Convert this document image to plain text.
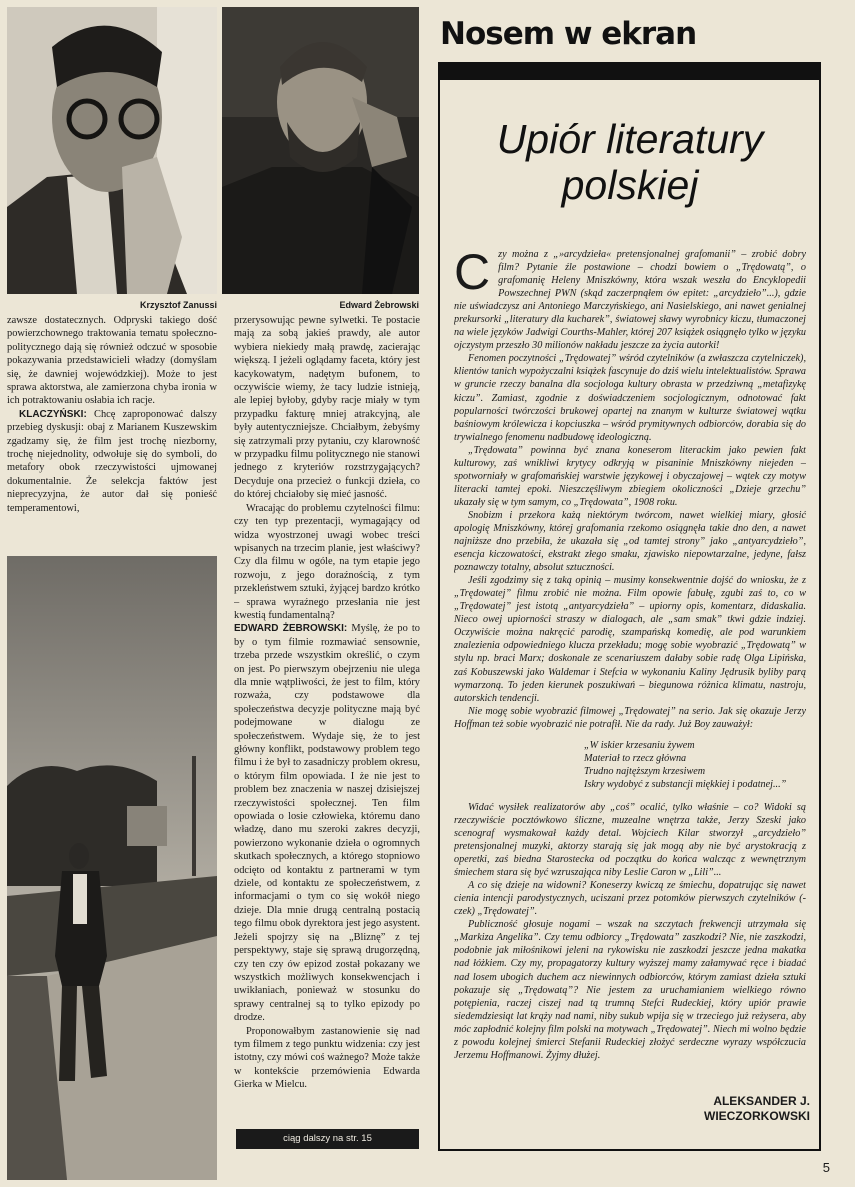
Krzysztof Zanussi	Edward Żebrowski

zawsze dostatecznych. Odpryski takiego dość powierzchownego traktowania tematu społeczno-politycznego dają się również odczuć w sposobie pokazywania przedstawicieli władzy (domyślam się, że dawniej wojewódzkiej). Może to jest sprawa aktorstwa, ale zamierzona chyba ironia w ich potraktowaniu osłabia ich racje.

KLACZYŃSKI: Chcę zaproponować dalszy przebieg dyskusji: obaj z Marianem Kuszewskim zgadzamy się, że film jest trochę niezborny, trochę niejednolity, odwołuje się do symboli, do metafory obok rzeczywistości ujmowanej dokumentalnie. Że selekcja faktów jest nieprecyzyjna, że autor dał się ponieść temperamentowi,

przerysowując pewne sylwetki. Te postacie mają za sobą jakieś prawdy, ale autor wybiera niekiedy małą prawdę, zacierając większą. I jeżeli oglądamy faceta, który jest kacykowatym, nadętym bufonem, to oczywiście wiemy, że tacy ludzie istnieją, ale lepiej byłoby, gdyby racje miały w tym przypadku fakturę mniej atrakcyjną, ale były autentyczniejsze. Chciałbym, żebyśmy się zatrzymali przy pytaniu, czy klarowność w przypadku filmu politycznego nie stanowi jednego z kryteriów rozstrzygających? Decyduje ona przecież o funkcji dzieła, co do której chciałoby się mieć jasność.

Wracając do problemu czytelności filmu: czy ten typ prezentacji, wymagający od widza wyostrzonej uwagi wobec treści wpisanych na trzecim planie, jest właściwy? Czy dla filmu w ogóle, na tym etapie jego rozwoju, z jego doraźnością, z tym przekleństwem sztuki, żyjącej bardzo krótko – sprawa wyraźnego przesłania nie jest kwestią fundamentalną?

EDWARD ŻEBROWSKI: Myślę, że po to by o tym filmie rozmawiać sensownie, trzeba przede wszystkim określić, o czym on jest. Po pierwszym obejrzeniu nie ulega dla mnie wątpliwości, że jest to film, który rozważa, czy podstawowe dla społeczeństwa decyzje polityczne mają być podejmowane w dialogu ze społeczeństwem. Wydaje się, że to jest główny konflikt, podstawowy problem tego filmu i że był to zasadniczy problem okresu, o którym film opowiada. I że nie jest to problem bez znaczenia w naszej dzisiejszej rzeczywistości społecznej. Ten film opowiada o losie człowieka, któremu dano władzę, dano mu szeroki zakres decyzji, powierzono wykonanie dzieła o ogromnych skutkach społecznych, a którego stopniowo odcięto od kontaktu z partnerami w tym dziele, od kontaktu ze społeczeństwem, z informacjami o tym co się wokół niego dzieje. Dla mnie drugą centralną postacią tego filmu obok dyrektora jest jego asystent. Jeżeli spojrzy się na „Bliznę” z tej perspektywy, staje się sprawą drugorzędną, czy ten czy ów epizod został pokazany we wszystkich możliwych konsekwencjach i uwikłaniach, ponieważ w stosunku do sprawy centralnej są to tylko epizody po drodze.

Proponowałbym zastanowienie się nad tym filmem z tego punktu widzenia: czy jest istotny, czy mówi coś ważnego? Może także w kontekście przemówienia Edwarda Gierka w Mielcu.

ciąg dalszy na str. 15
Nosem w ekran
Upiór literatury
polskiej

Czy można z „»arcydzieła« pretensjonalnej grafomanii” – zrobić dobry film? Pytanie źle postawione – chodzi bowiem o „Trędowatą”, o grafomanię Heleny Mniszkówny, która wszak weszła do Encyklopedii Powszechnej PWN (skąd zaczerpnąłem ów epitet: „arcydzieło”...), gdzie nie uświadczysz ani Antoniego Marczyńskiego, ani Nasielskiego, ani nawet genialnej prekursorki „literatury dla kucharek”, światowej sławy wyrobnicy kiczu, tłumaczonej na wiele języków Jadwigi Courths-Mahler, której 207 książek osiągnęło tylko w języku ojczystym przeszło 30 milionów nakładu jeszcze za życia autorki!

Fenomen poczytności „Trędowatej” wśród czytelników (a zwłaszcza czytelniczek), klientów tanich wypożyczalni książek fascynuje do dziś wielu intelektualistów. Sprawa w gruncie rzeczy banalna dla socjologa kultury obrasta w przedziwną „metafizykę kiczu”. Zamiast, zgodnie z doświadczeniem socjologicznym, odnotować fakt popularności twórczości brukowej opartej na znanym w kulturze światowej wątku baśniowym królewicza i kopciuszka – wśród prymitywnych odbiorców, dorabia się do trywialnego fenomenu nadbudowę ideologiczną.

„Trędowata” powinna być znana koneserom literackim jako pewien fakt kulturowy, zaś wnikliwi krytycy odkryją w pisaninie Mniszkówny niejeden – spotworniały w grafomańskiej warstwie językowej i obyczajowej – wątek czy motyw literacki tamtej epoki. Nieszczęśliwym zbiegiem okoliczności „Dzieje grzechu” ukazały się w tym samym, co „Trędowata”, 1908 roku.

Snobizm i przekora każą niektórym twórcom, nawet wielkiej miary, głosić apologię Mniszkówny, której grafomania rzekomo osiągnęła takie dno den, a nawet najniższe dno przebiła, że ukazała się „od tamtej strony” jako „antyarcydzieło”, esencja kiczowatości, ekstrakt złego smaku, zjawisko niepowtarzalne, jedyne, fałsz poznawczy totalny, absolut sztuczności.

Jeśli zgodzimy się z taką opinią – musimy konsekwentnie dojść do wniosku, że z „Trędowatej” filmu zrobić nie można. Film opowie fabułę, zgubi zaś to, co w „Trędowatej” jest istotą „antyarcydzieła” – upiorny opis, komentarz, didaskalia. Nieco owej upiorności straszy w dialogach, ale „sam smak” tkwi gdzie indziej. Oczywiście można nakręcić parodię, szampańską komedię, ale pod warunkiem znalezienia odpowiedniego klucza przekładu; mogę sobie wyobrazić „Trędowatą” w stylu np. braci Marx; doskonale ze scenariuszem dałaby sobie radę Olga Lipińska, zaś Kobuszewski jako Waldemar i Stefcia w wykonaniu Kaliny Jędrusik byliby parą wymarzoną. To jeden kierunek poszukiwań – biegunowa różnica klimatu, nastroju, autorskich tendencji.

Nie mogę sobie wyobrazić filmowej „Trędowatej” na serio. Jak się okazuje Jerzy Hoffman też sobie wyobrazić nie potrafił. Nie da rady. Już Boy zauważył:

„W iskier krzesaniu żywem
Materiał to rzecz główna
Trudno najtęższym krzesiwem
Iskry wydobyć z substancji miękkiej i podatnej...”

Widać wysiłek realizatorów aby „coś” ocalić, tylko właśnie – co? Widoki są rzeczywiście pocztówkowo śliczne, muzealne wnętrza także, Jerzy Szeski jako scenograf wysmakował każdy detal. Wojciech Kilar stworzył „arcydzieło” pretensjonalnej muzyki, aktorzy starają się jak mogą aby nie być arystokracją z operetki, zaś biedna Starostecka od początku do końca walcząc z wewnętrznym śmiechem stara się być wzruszająca niby Leslie Caron w „Lili”...

A co się dzieje na widowni? Koneserzy kwiczą ze śmiechu, dopatrując się nawet cienia intencji parodystycznych, uciszani przez potomków pierwszych czytelników (-czek) „Trędowatej”.

Publiczność głosuje nogami – wszak na szczytach frekwencji utrzymała się „Markiza Angelika”. Czy temu odbiorcy „Trędowata” zaszkodzi? Nie, nie zaszkodzi, podobnie jak miłośnikowi jeleni na rykowisku nie zaszkodzi jeszcze jedna makatka nad łóżkiem. Czy my, propagatorzy kultury wyższej mamy załamywać ręce i biadać nad losem ubogich duchem acz niewinnych odbiorców, którym zamiast dzieła sztuki pokazuje się „Trędowatą”? Nie jestem za uruchamianiem wielkiego równo potępienia, raczej ciszej nad tą trumną Stefci Rudeckiej, który upiór prawie siedemdziesiąt lat krąży nad nami, niby sukub wpija się w trzeciego już reżysera, aby móc zapłodnić kolejny film polski na motywach „Trędowatej”. Niech mi wolno będzie z powodu kolejnej śmierci Stefanii Rudeckiej złożyć serdeczne wyrazy współczucia Jerzemu Hoffmanowi. Żyjmy dłużej.

ALEKSANDER J.
WIECZORKOWSKI
5
